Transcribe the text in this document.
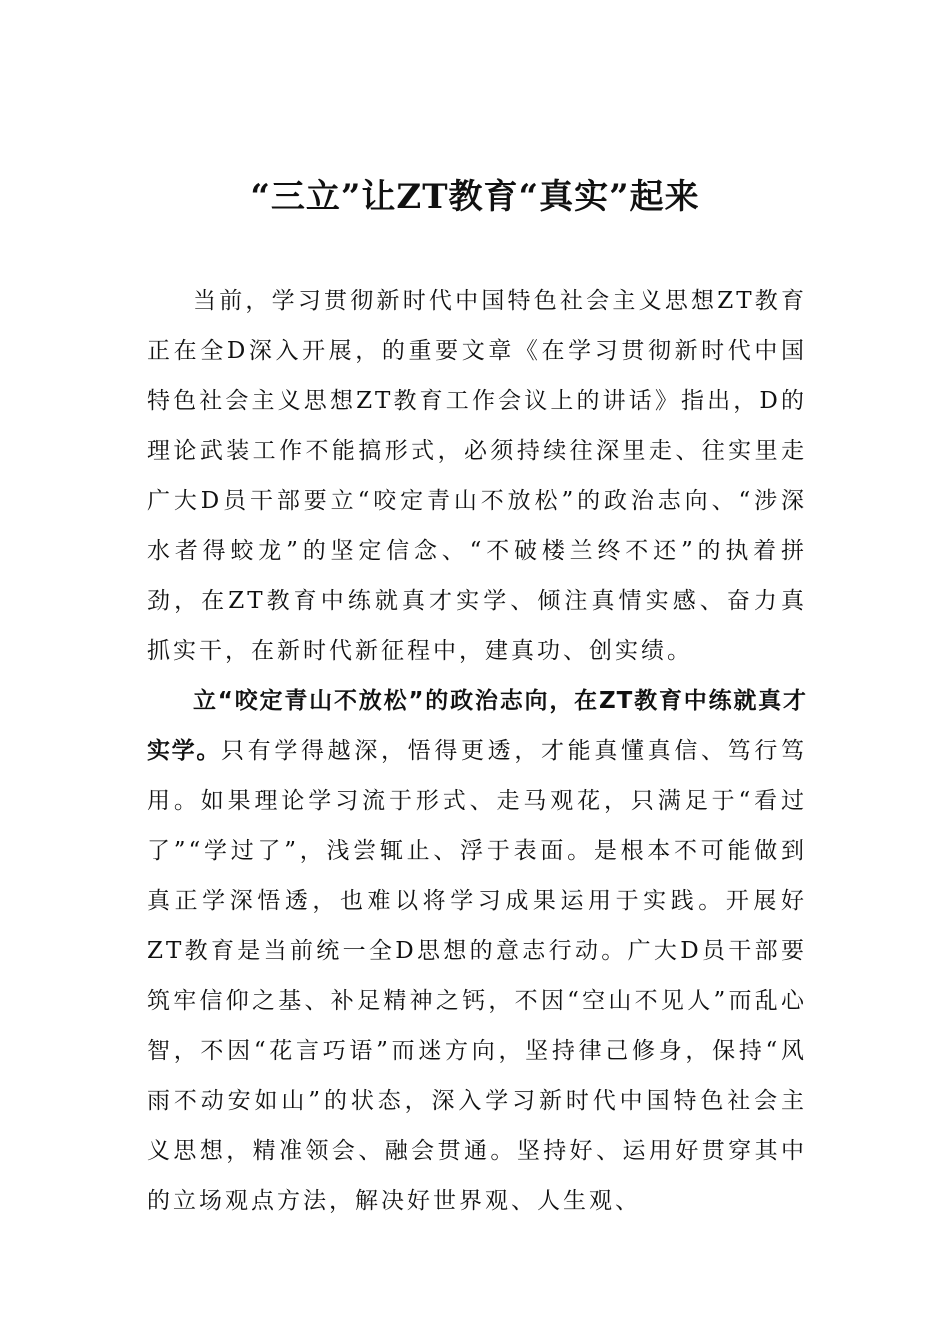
“三立”让ZT教育“真实”起来

当前，学习贯彻新时代中国特色社会主义思想ZT教育正在全D深入开展，的重要文章《在学习贯彻新时代中国特色社会主义思想ZT教育工作会议上的讲话》指出，D的理论武装工作不能搞形式，必须持续往深里走、往实里走广大D员干部要立“咬定青山不放松”的政治志向、“涉深水者得蛟龙”的坚定信念、“不破楼兰终不还”的执着拼劲，在ZT教育中练就真才实学、倾注真情实感、奋力真抓实干，在新时代新征程中，建真功、创实绩。

立“咬定青山不放松”的政治志向，在ZT教育中练就真才实学。只有学得越深，悟得更透，才能真懂真信、笃行笃用。如果理论学习流于形式、走马观花，只满足于“看过了”“学过了”，浅尝辄止、浮于表面。是根本不可能做到真正学深悟透，也难以将学习成果运用于实践。开展好ZT教育是当前统一全D思想的意志行动。广大D员干部要筑牢信仰之基、补足精神之钙，不因“空山不见人”而乱心智，不因“花言巧语”而迷方向，坚持律己修身，保持“风雨不动安如山”的状态，深入学习新时代中国特色社会主义思想，精准领会、融会贯通。坚持好、运用好贯穿其中的立场观点方法，解决好世界观、人生观、
